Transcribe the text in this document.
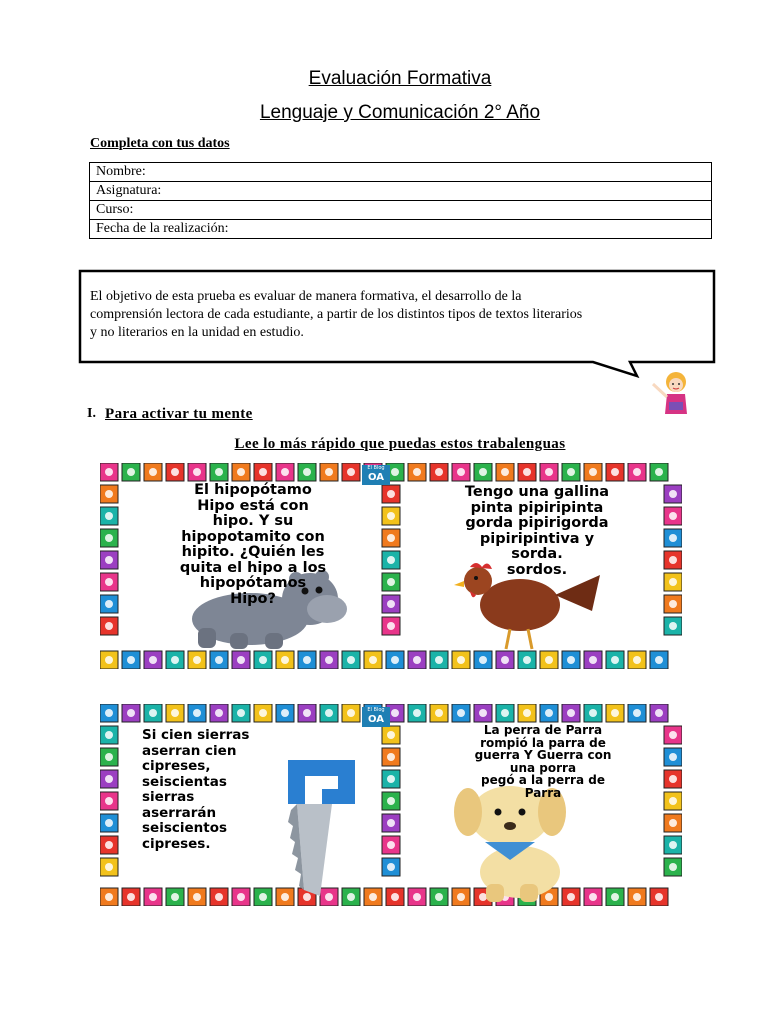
Evaluación Formativa
Lenguaje y Comunicación 2° Año
Completa con tus datos
Nombre:
Asignatura:
Curso:
Fecha de la realización:
El objetivo de esta prueba es evaluar de manera formativa, el desarrollo de la
comprensión lectora de cada estudiante, a partir de los distintos tipos de textos literarios
y no literarios en la unidad en estudio.
I. Para activar tu mente
Lee lo más rápido que puedas estos trabalenguas
El Blog
OA
El Blog
OA
El hipopótamo
Hipo está con
hipo. Y su
hipopotamito con
hipito. ¿Quién les
quita el hipo a los
hipopótamos
Hipo?
Tengo una gallina
pinta pipiripinta
gorda pipirigorda
pipiripintiva y
sorda.
sordos.
Si cien sierras
aserran cien
cipreses,
seiscientas
sierras
aserrarán
seiscientos
cipreses.
La perra de Parra
rompió la parra de
guerra Y Guerra con
una porra
pegó a la perra de
Parra
